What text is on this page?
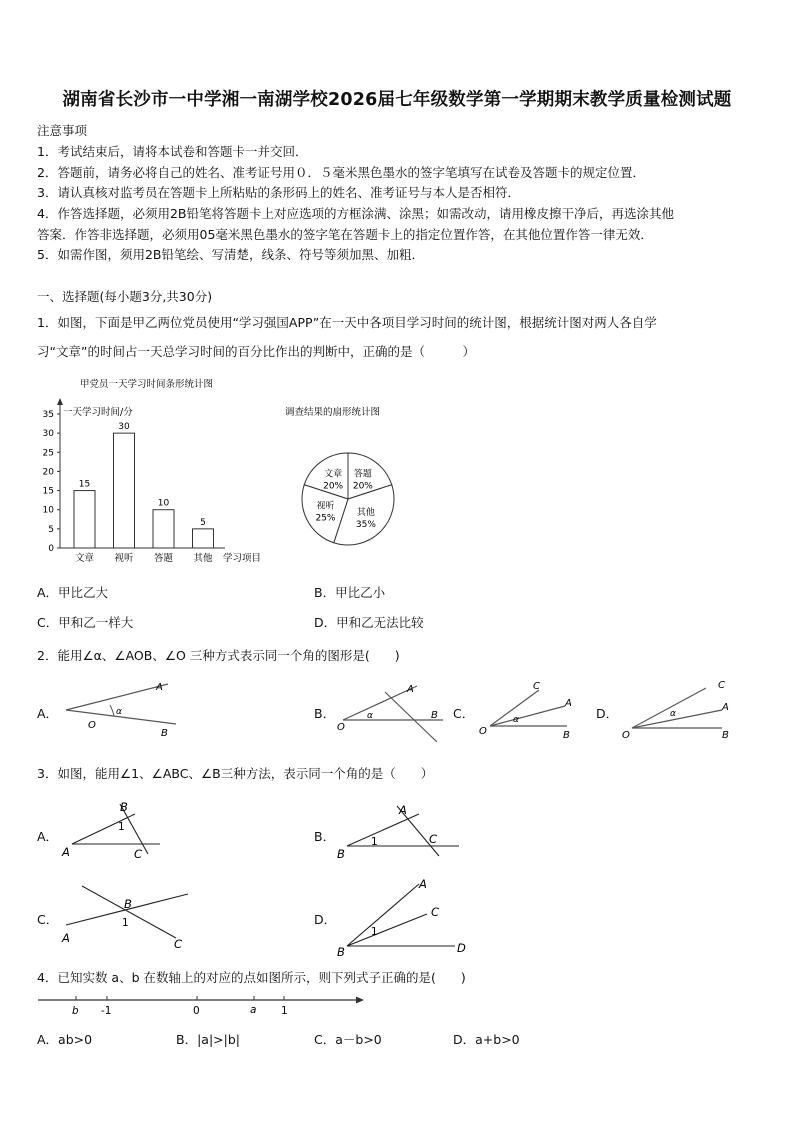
湖南省长沙市一中学湘一南湖学校2026届七年级数学第一学期期末教学质量检测试题
注意事项
1．考试结束后，请将本试卷和答题卡一并交回．
2．答题前，请务必将自己的姓名、准考证号用０．５毫米黑色墨水的签字笔填写在试卷及答题卡的规定位置．
3．请认真核对监考员在答题卡上所粘贴的条形码上的姓名、准考证号与本人是否相符．
4．作答选择题，必须用2B铅笔将答题卡上对应选项的方框涂满、涂黑；如需改动，请用橡皮擦干净后，再选涂其他
答案．作答非选择题，必须用05毫米黑色墨水的签字笔在答题卡上的指定位置作答，在其他位置作答一律无效．
5．如需作图，须用2B铅笔绘、写清楚，线条、符号等须加黑、加粗．
一、选择题(每小题3分,共30分)
1．如图，下面是甲乙两位党员使用“学习强国APP”在一天中各项目学习时间的统计图，根据统计图对两人各自学
习“文章”的时间占一天总学习时间的百分比作出的判断中，正确的是（　　　）
甲党员一天学习时间条形统计图
一天学习时间/分
学习项目
0
5
10
15
20
25
30
35
15
文章
30
视听
10
答题
5
其他
调查结果的扇形统计图
文章
20%
答题
20%
其他
35%
视听
25%
A．甲比乙大	B．甲比乙小
C．甲和乙一样大	D．甲和乙无法比较
2．能用∠α、∠AOB、∠O 三种方式表示同一个角的图形是(　　)
A．
O
α
A
B
B．
O
α
A
B C．
O
α
C
A
B
D．
O
α
C
A
B
3．如图，能用∠1、∠ABC、∠B三种方法，表示同一个角的是（　　）
A．
A
B
1
C
B．
B
A
1	C
C．
A
B
1
C
D．
B
A
C
1
D
4．已知实数 a、b 在数轴上的对应的点如图所示，则下列式子正确的是(　　)
b -1	0	a 1
A．ab>0	B．|a|>|b|	C．a－b>0	D．a+b>0
